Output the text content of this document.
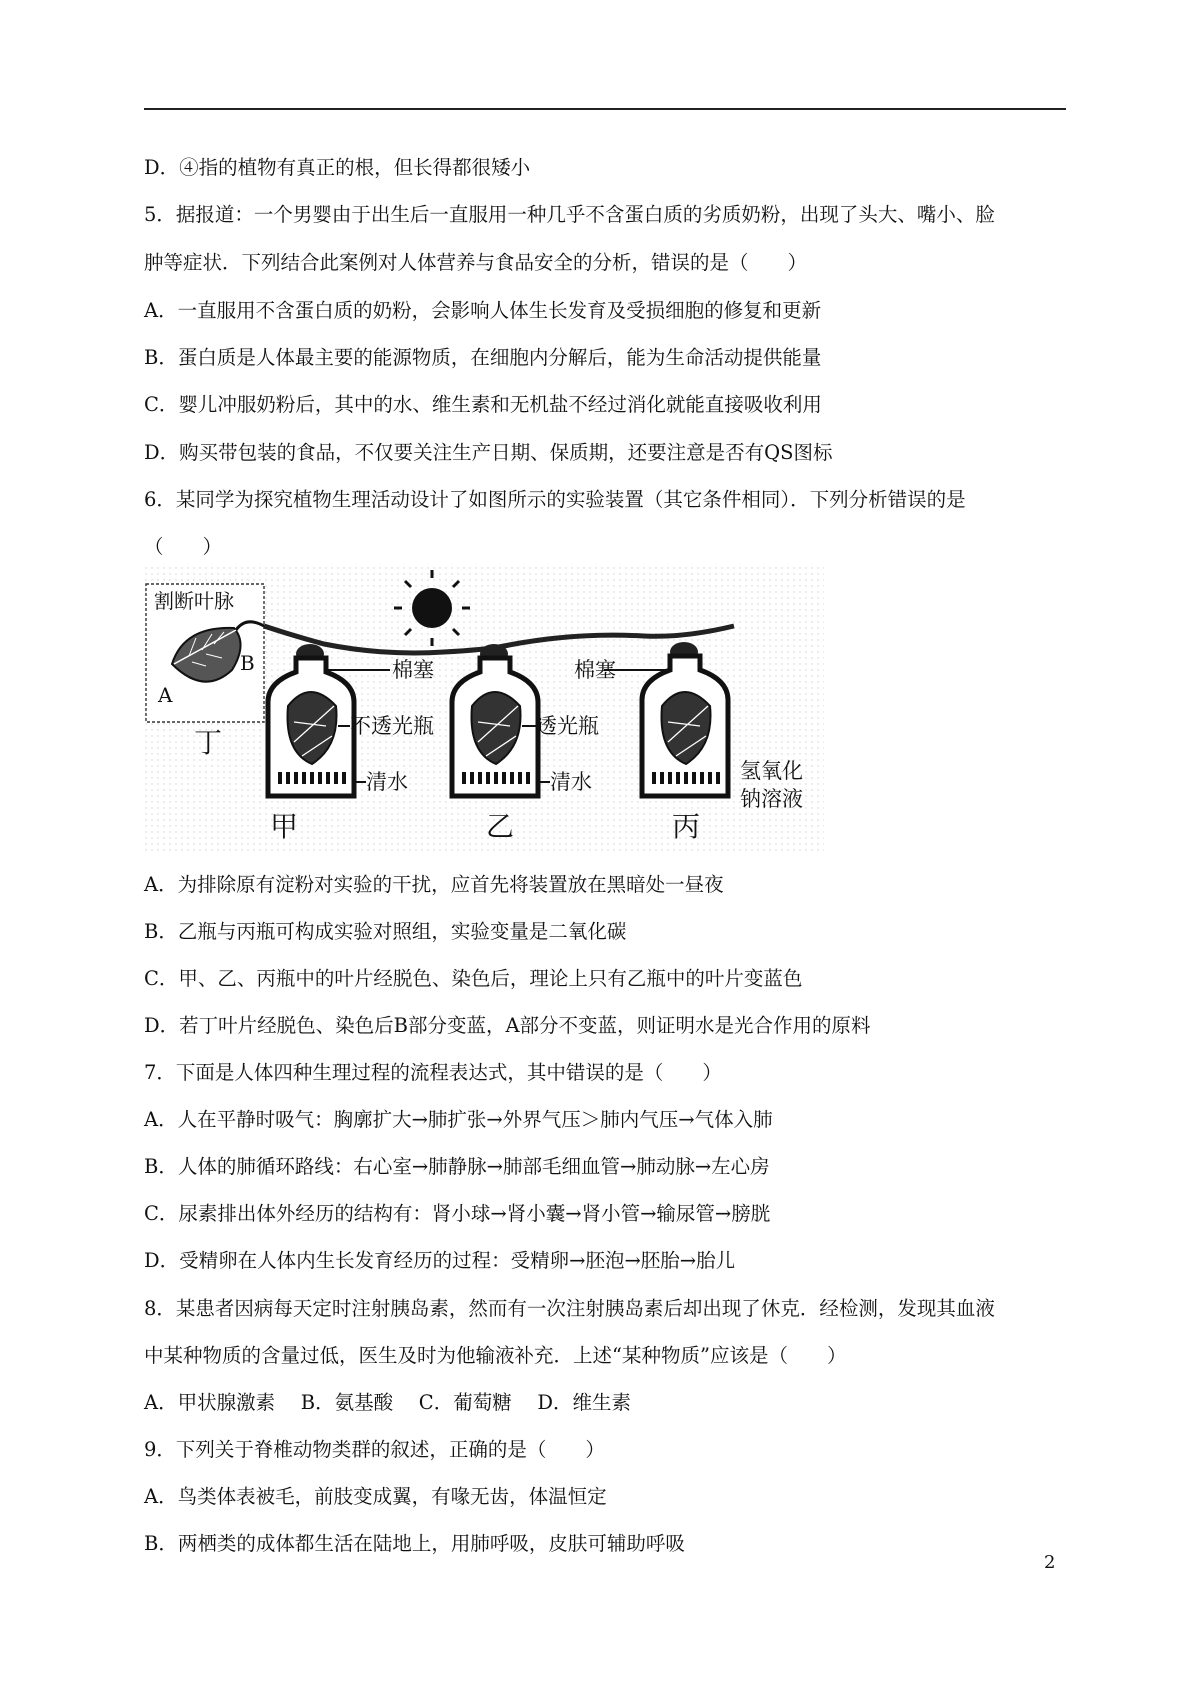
D．④指的植物有真正的根，但长得都很矮小
5．据报道：一个男婴由于出生后一直服用一种几乎不含蛋白质的劣质奶粉，出现了头大、嘴小、脸
肿等症状．下列结合此案例对人体营养与食品安全的分析，错误的是（　　）
A．一直服用不含蛋白质的奶粉，会影响人体生长发育及受损细胞的修复和更新
B．蛋白质是人体最主要的能源物质，在细胞内分解后，能为生命活动提供能量
C．婴儿冲服奶粉后，其中的水、维生素和无机盐不经过消化就能直接吸收利用
D．购买带包装的食品，不仅要关注生产日期、保质期，还要注意是否有QS图标
6．某同学为探究植物生理活动设计了如图所示的实验装置（其它条件相同）．下列分析错误的是
（　　）
割断叶脉
A
B
丁
棉塞
不透光瓶
清水
甲
透光瓶
清水
乙
棉塞
氢氧化
钠溶液
丙
A．为排除原有淀粉对实验的干扰，应首先将装置放在黑暗处一昼夜
B．乙瓶与丙瓶可构成实验对照组，实验变量是二氧化碳
C．甲、乙、丙瓶中的叶片经脱色、染色后，理论上只有乙瓶中的叶片变蓝色
D．若丁叶片经脱色、染色后B部分变蓝，A部分不变蓝，则证明水是光合作用的原料
7．下面是人体四种生理过程的流程表达式，其中错误的是（　　）
A．人在平静时吸气：胸廓扩大→肺扩张→外界气压＞肺内气压→气体入肺
B．人体的肺循环路线：右心室→肺静脉→肺部毛细血管→肺动脉→左心房
C．尿素排出体外经历的结构有：肾小球→肾小囊→肾小管→输尿管→膀胱
D．受精卵在人体内生长发育经历的过程：受精卵→胚泡→胚胎→胎儿
8．某患者因病每天定时注射胰岛素，然而有一次注射胰岛素后却出现了休克．经检测，发现其血液
中某种物质的含量过低，医生及时为他输液补充．上述“某种物质”应该是（　　）
A．甲状腺激素　 B．氨基酸　 C．葡萄糖　 D．维生素
9．下列关于脊椎动物类群的叙述，正确的是（　　）
A．鸟类体表被毛，前肢变成翼，有喙无齿，体温恒定
B．两栖类的成体都生活在陆地上，用肺呼吸，皮肤可辅助呼吸
2
